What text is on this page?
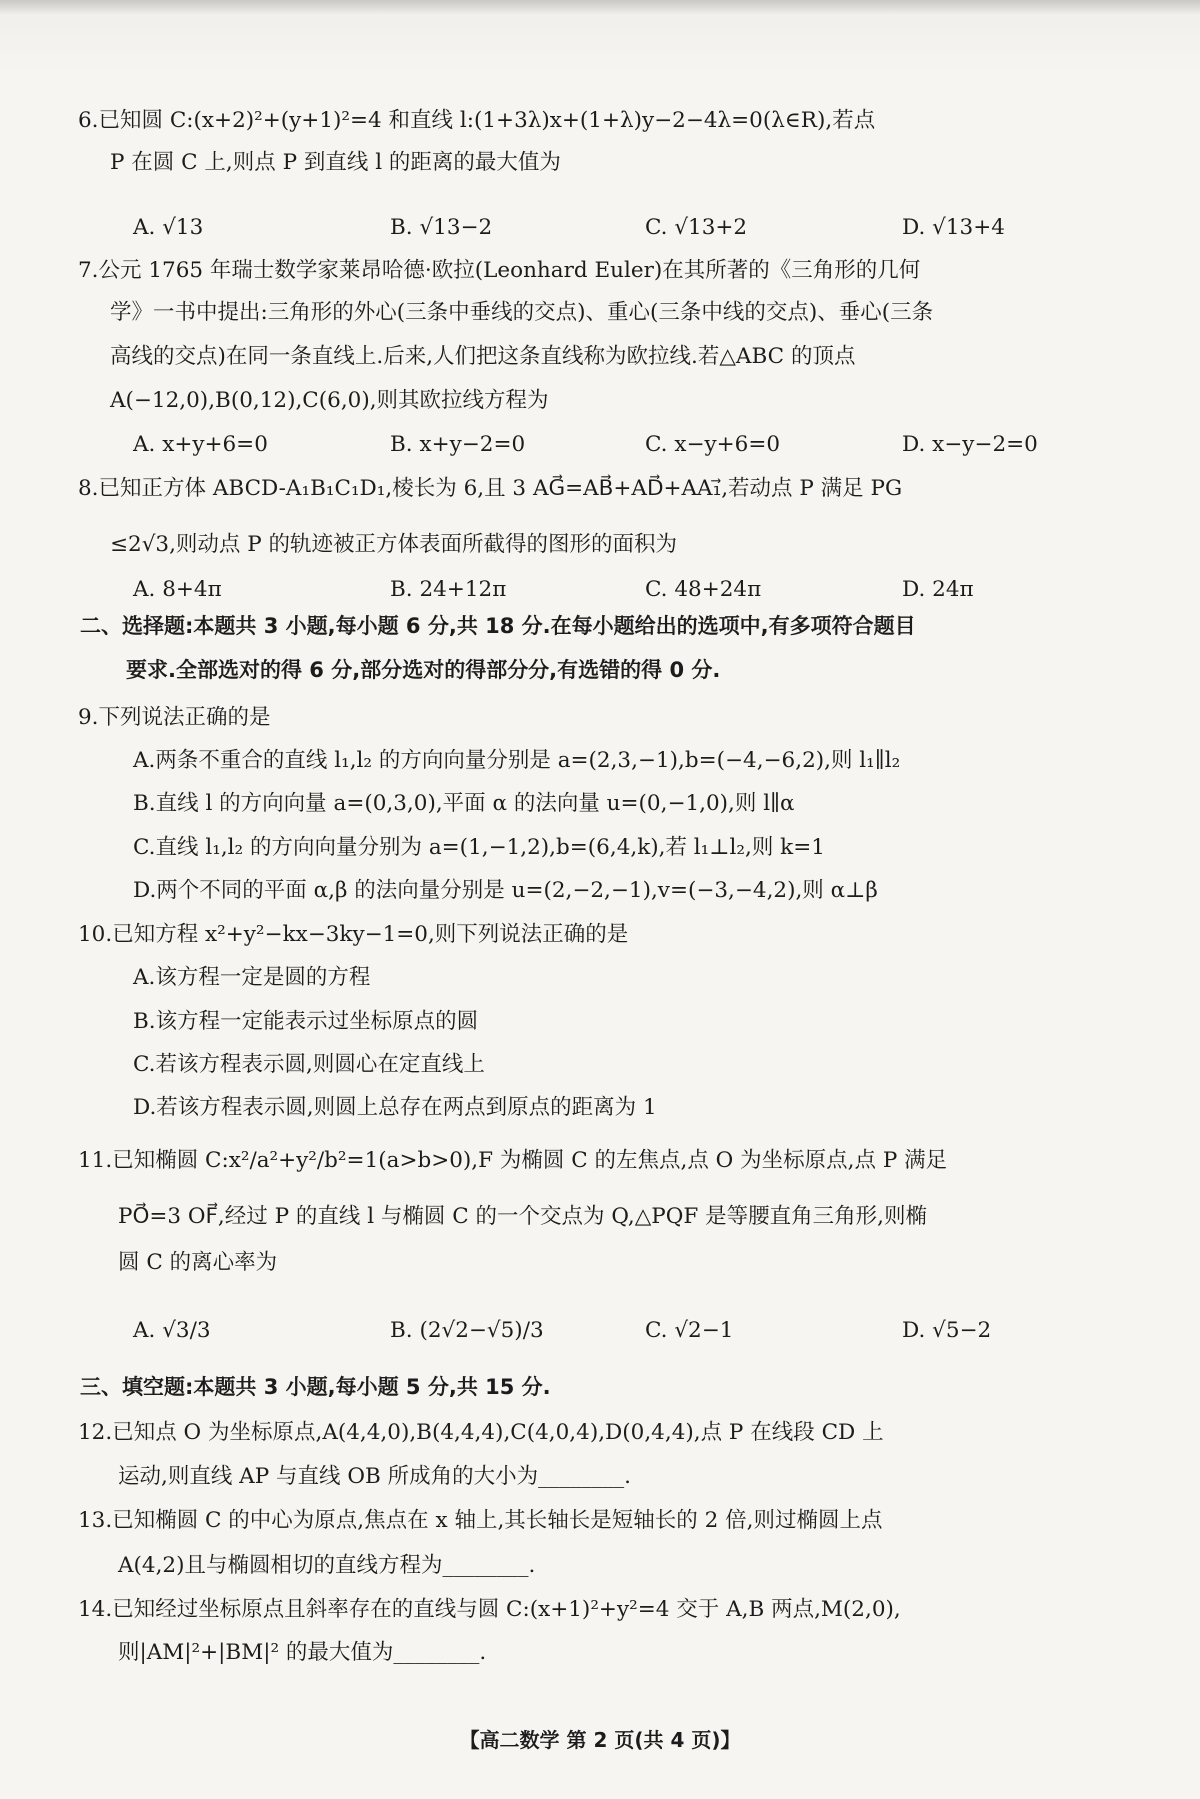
6.已知圆 C:(x+2)²+(y+1)²=4 和直线 l:(1+3λ)x+(1+λ)y−2−4λ=0(λ∈R),若点
P 在圆 C 上,则点 P 到直线 l 的距离的最大值为
7.公元 1765 年瑞士数学家莱昂哈德·欧拉(Leonhard Euler)在其所著的《三角形的几何
学》一书中提出:三角形的外心(三条中垂线的交点)、重心(三条中线的交点)、垂心(三条
高线的交点)在同一条直线上.后来,人们把这条直线称为欧拉线.若△ABC 的顶点
A(−12,0),B(0,12),C(6,0),则其欧拉线方程为
8.已知正方体 ABCD-A₁B₁C₁D₁,棱长为 6,且 3 AG⃗=AB⃗+AD⃗+AA₁⃗,若动点 P 满足 PG
≤2√3,则动点 P 的轨迹被正方体表面所截得的图形的面积为
二、选择题:本题共 3 小题,每小题 6 分,共 18 分.在每小题给出的选项中,有多项符合题目
要求.全部选对的得 6 分,部分选对的得部分分,有选错的得 0 分.
9.下列说法正确的是
A.两条不重合的直线 l₁,l₂ 的方向向量分别是 a=(2,3,−1),b=(−4,−6,2),则 l₁∥l₂
B.直线 l 的方向向量 a=(0,3,0),平面 α 的法向量 u=(0,−1,0),则 l∥α
C.直线 l₁,l₂ 的方向向量分别为 a=(1,−1,2),b=(6,4,k),若 l₁⊥l₂,则 k=1
D.两个不同的平面 α,β 的法向量分别是 u=(2,−2,−1),v=(−3,−4,2),则 α⊥β
10.已知方程 x²+y²−kx−3ky−1=0,则下列说法正确的是
A.该方程一定是圆的方程
B.该方程一定能表示过坐标原点的圆
C.若该方程表示圆,则圆心在定直线上
D.若该方程表示圆,则圆上总存在两点到原点的距离为 1
11.已知椭圆 C:x²/a²+y²/b²=1(a>b>0),F 为椭圆 C 的左焦点,点 O 为坐标原点,点 P 满足
PO⃗=3 OF⃗,经过 P 的直线 l 与椭圆 C 的一个交点为 Q,△PQF 是等腰直角三角形,则椭
圆 C 的离心率为
三、填空题:本题共 3 小题,每小题 5 分,共 15 分.
12.已知点 O 为坐标原点,A(4,4,0),B(4,4,4),C(4,0,4),D(0,4,4),点 P 在线段 CD 上
运动,则直线 AP 与直线 OB 所成角的大小为________.
13.已知椭圆 C 的中心为原点,焦点在 x 轴上,其长轴长是短轴长的 2 倍,则过椭圆上点
A(4,2)且与椭圆相切的直线方程为________.
14.已知经过坐标原点且斜率存在的直线与圆 C:(x+1)²+y²=4 交于 A,B 两点,M(2,0),
则|AM|²+|BM|² 的最大值为________.
A. √13	B. √13−2	C. √13+2	D. √13+4
A. x+y+6=0	B. x+y−2=0	C. x−y+6=0	D. x−y−2=0
A. 8+4π	B. 24+12π	C. 48+24π	D. 24π
A. √3/3	B. (2√2−√5)/3	C. √2−1	D. √5−2
【高二数学 第 2 页(共 4 页)】
